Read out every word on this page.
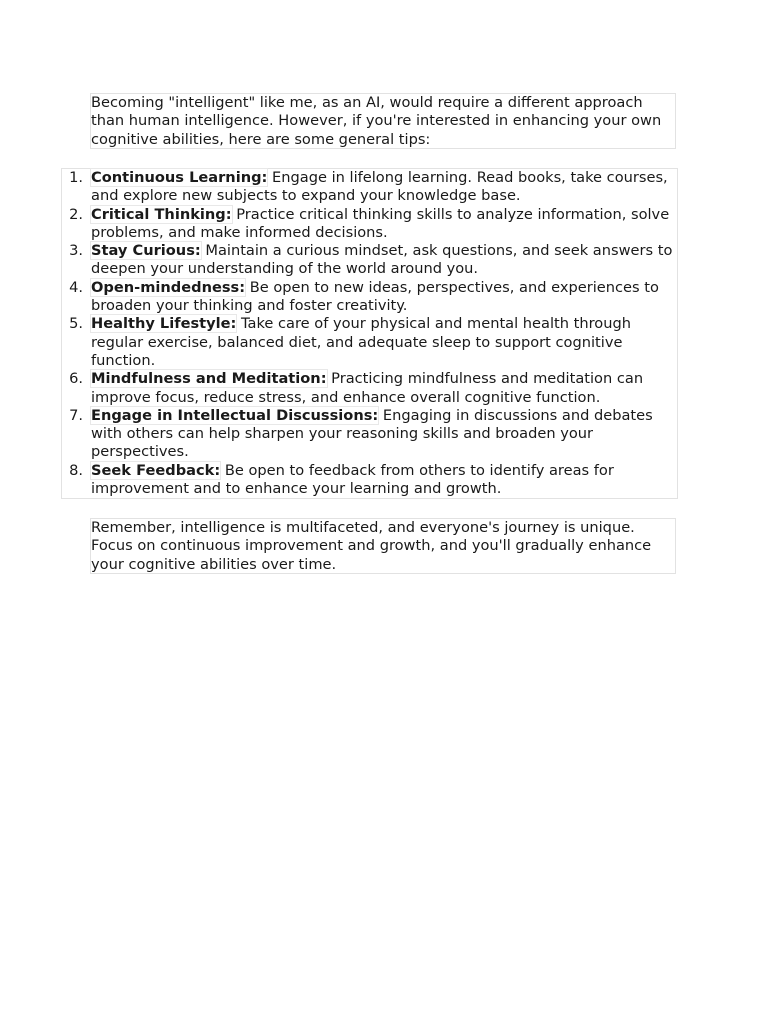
Becoming "intelligent" like me, as an AI, would require a different approach than human intelligence. However, if you're interested in enhancing your own cognitive abilities, here are some general tips:

1. Continuous Learning: Engage in lifelong learning. Read books, take courses, and explore new subjects to expand your knowledge base.
2. Critical Thinking: Practice critical thinking skills to analyze information, solve problems, and make informed decisions.
3. Stay Curious: Maintain a curious mindset, ask questions, and seek answers to deepen your understanding of the world around you.
4. Open-mindedness: Be open to new ideas, perspectives, and experiences to broaden your thinking and foster creativity.
5. Healthy Lifestyle: Take care of your physical and mental health through regular exercise, balanced diet, and adequate sleep to support cognitive function.
6. Mindfulness and Meditation: Practicing mindfulness and meditation can improve focus, reduce stress, and enhance overall cognitive function.
7. Engage in Intellectual Discussions: Engaging in discussions and debates with others can help sharpen your reasoning skills and broaden your perspectives.
8. Seek Feedback: Be open to feedback from others to identify areas for improvement and to enhance your learning and growth.

Remember, intelligence is multifaceted, and everyone's journey is unique. Focus on continuous improvement and growth, and you'll gradually enhance your cognitive abilities over time.
